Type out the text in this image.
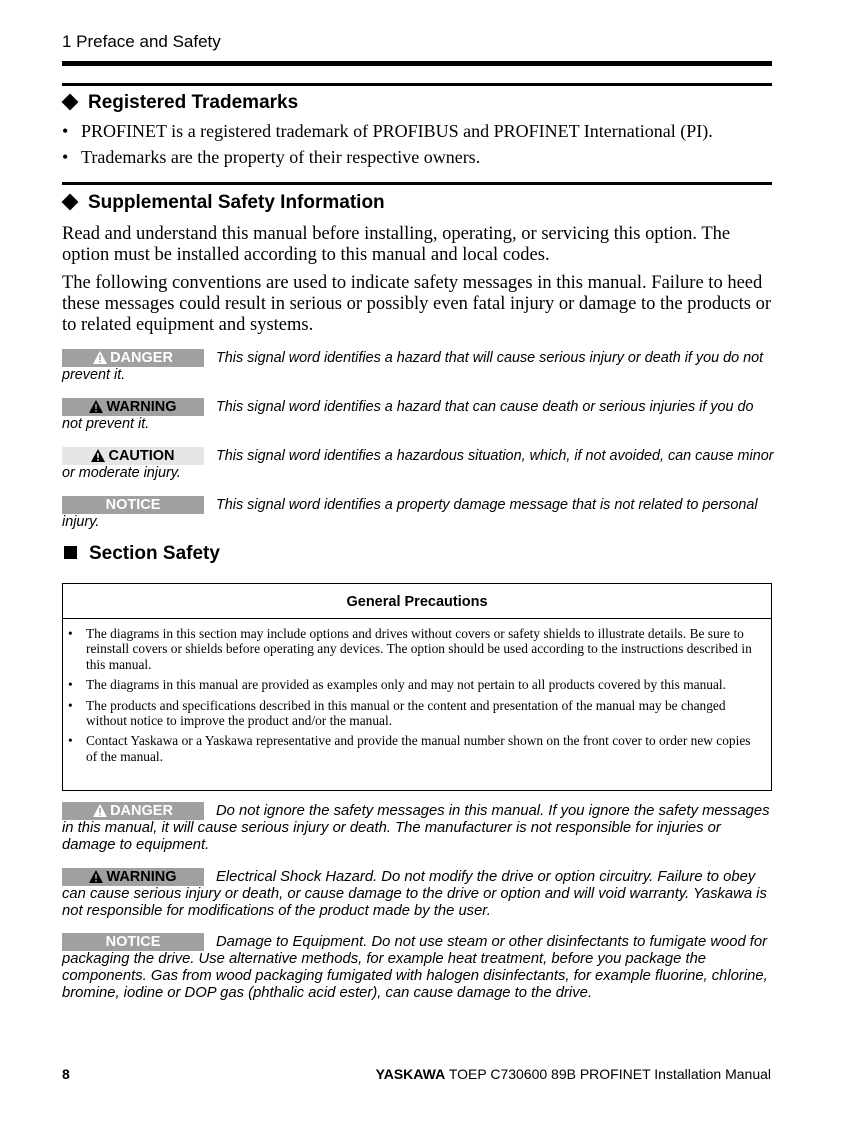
1 Preface and Safety
Registered Trademarks
• PROFINET is a registered trademark of PROFIBUS and PROFINET International (PI).
• Trademarks are the property of their respective owners.
Supplemental Safety Information
Read and understand this manual before installing, operating, or servicing this option. The option must be installed according to this manual and local codes.
The following conventions are used to indicate safety messages in this manual. Failure to heed these messages could result in serious or possibly even fatal injury or damage to the products or to related equipment and systems.
DANGER	This signal word identifies a hazard that will cause serious injury or death if you do not prevent it.
WARNING	This signal word identifies a hazard that can cause death or serious injuries if you do not prevent it.
CAUTION	This signal word identifies a hazardous situation, which, if not avoided, can cause minor or moderate injury.
NOTICE	This signal word identifies a property damage message that is not related to personal injury.
Section Safety
General Precautions
• The diagrams in this section may include options and drives without covers or safety shields to illustrate details. Be sure to reinstall covers or shields before operating any devices. The option should be used according to the instructions described in this manual.
• The diagrams in this manual are provided as examples only and may not pertain to all products covered by this manual.
• The products and specifications described in this manual or the content and presentation of the manual may be changed without notice to improve the product and/or the manual.
• Contact Yaskawa or a Yaskawa representative and provide the manual number shown on the front cover to order new copies of the manual.
DANGER	Do not ignore the safety messages in this manual. If you ignore the safety messages in this manual, it will cause serious injury or death. The manufacturer is not responsible for injuries or damage to equipment.
WARNING	Electrical Shock Hazard. Do not modify the drive or option circuitry. Failure to obey can cause serious injury or death, or cause damage to the drive or option and will void warranty. Yaskawa is not responsible for modifications of the product made by the user.
NOTICE	Damage to Equipment. Do not use steam or other disinfectants to fumigate wood for packaging the drive. Use alternative methods, for example heat treatment, before you package the components. Gas from wood packaging fumigated with halogen disinfectants, for example fluorine, chlorine, bromine, iodine or DOP gas (phthalic acid ester), can cause damage to the drive.
8	YASKAWA TOEP C730600 89B PROFINET Installation Manual
